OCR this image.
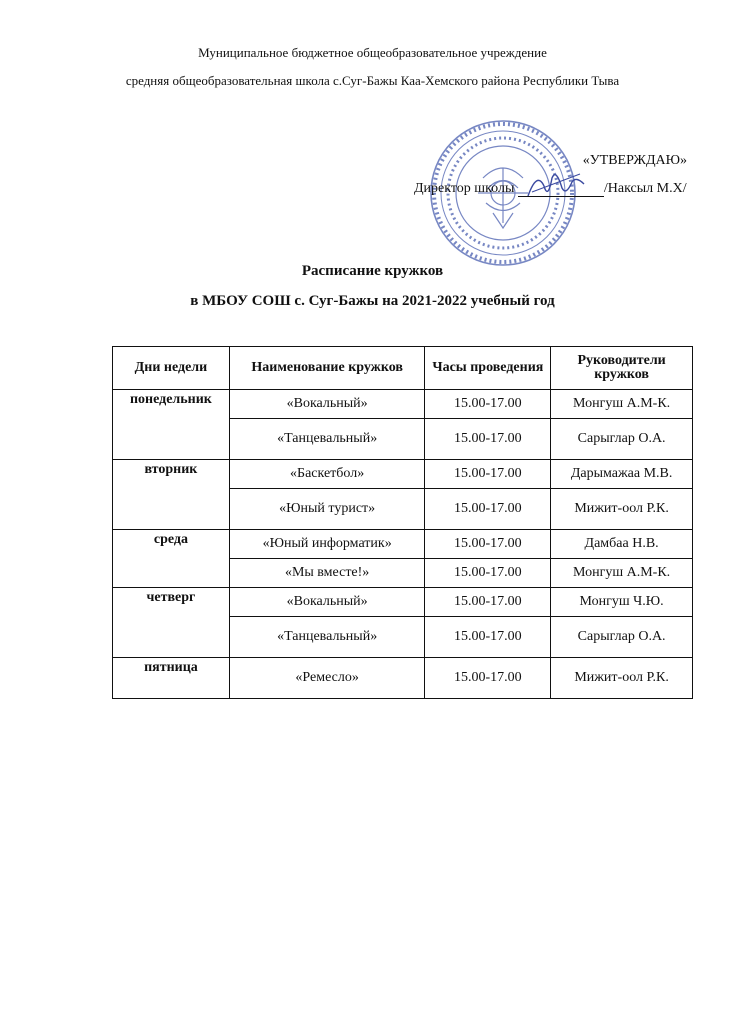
Муниципальное бюджетное общеобразовательное учреждение
средняя общеобразовательная школа с.Суг-Бажы Каа-Хемского района Республики Тыва
«УТВЕРЖДАЮ»
Директор школы	/Наксыл М.Х/
Расписание кружков
в МБОУ СОШ с. Суг-Бажы на 2021-2022 учебный год
Дни недели	Наименование кружков	Часы проведения	Руководители кружков
понедельник	«Вокальный»	15.00-17.00	Монгуш А.М-К.
	«Танцевальный»	15.00-17.00	Сарыглар О.А.
вторник	«Баскетбол»	15.00-17.00	Дарымажаа М.В.
	«Юный турист»	15.00-17.00	Мижит-оол Р.К.
среда	«Юный информатик»	15.00-17.00	Дамбаа Н.В.
	«Мы вместе!»	15.00-17.00	Монгуш А.М-К.
четверг	«Вокальный»	15.00-17.00	Монгуш Ч.Ю.
	«Танцевальный»	15.00-17.00	Сарыглар О.А.
пятница	«Ремесло»	15.00-17.00	Мижит-оол Р.К.
